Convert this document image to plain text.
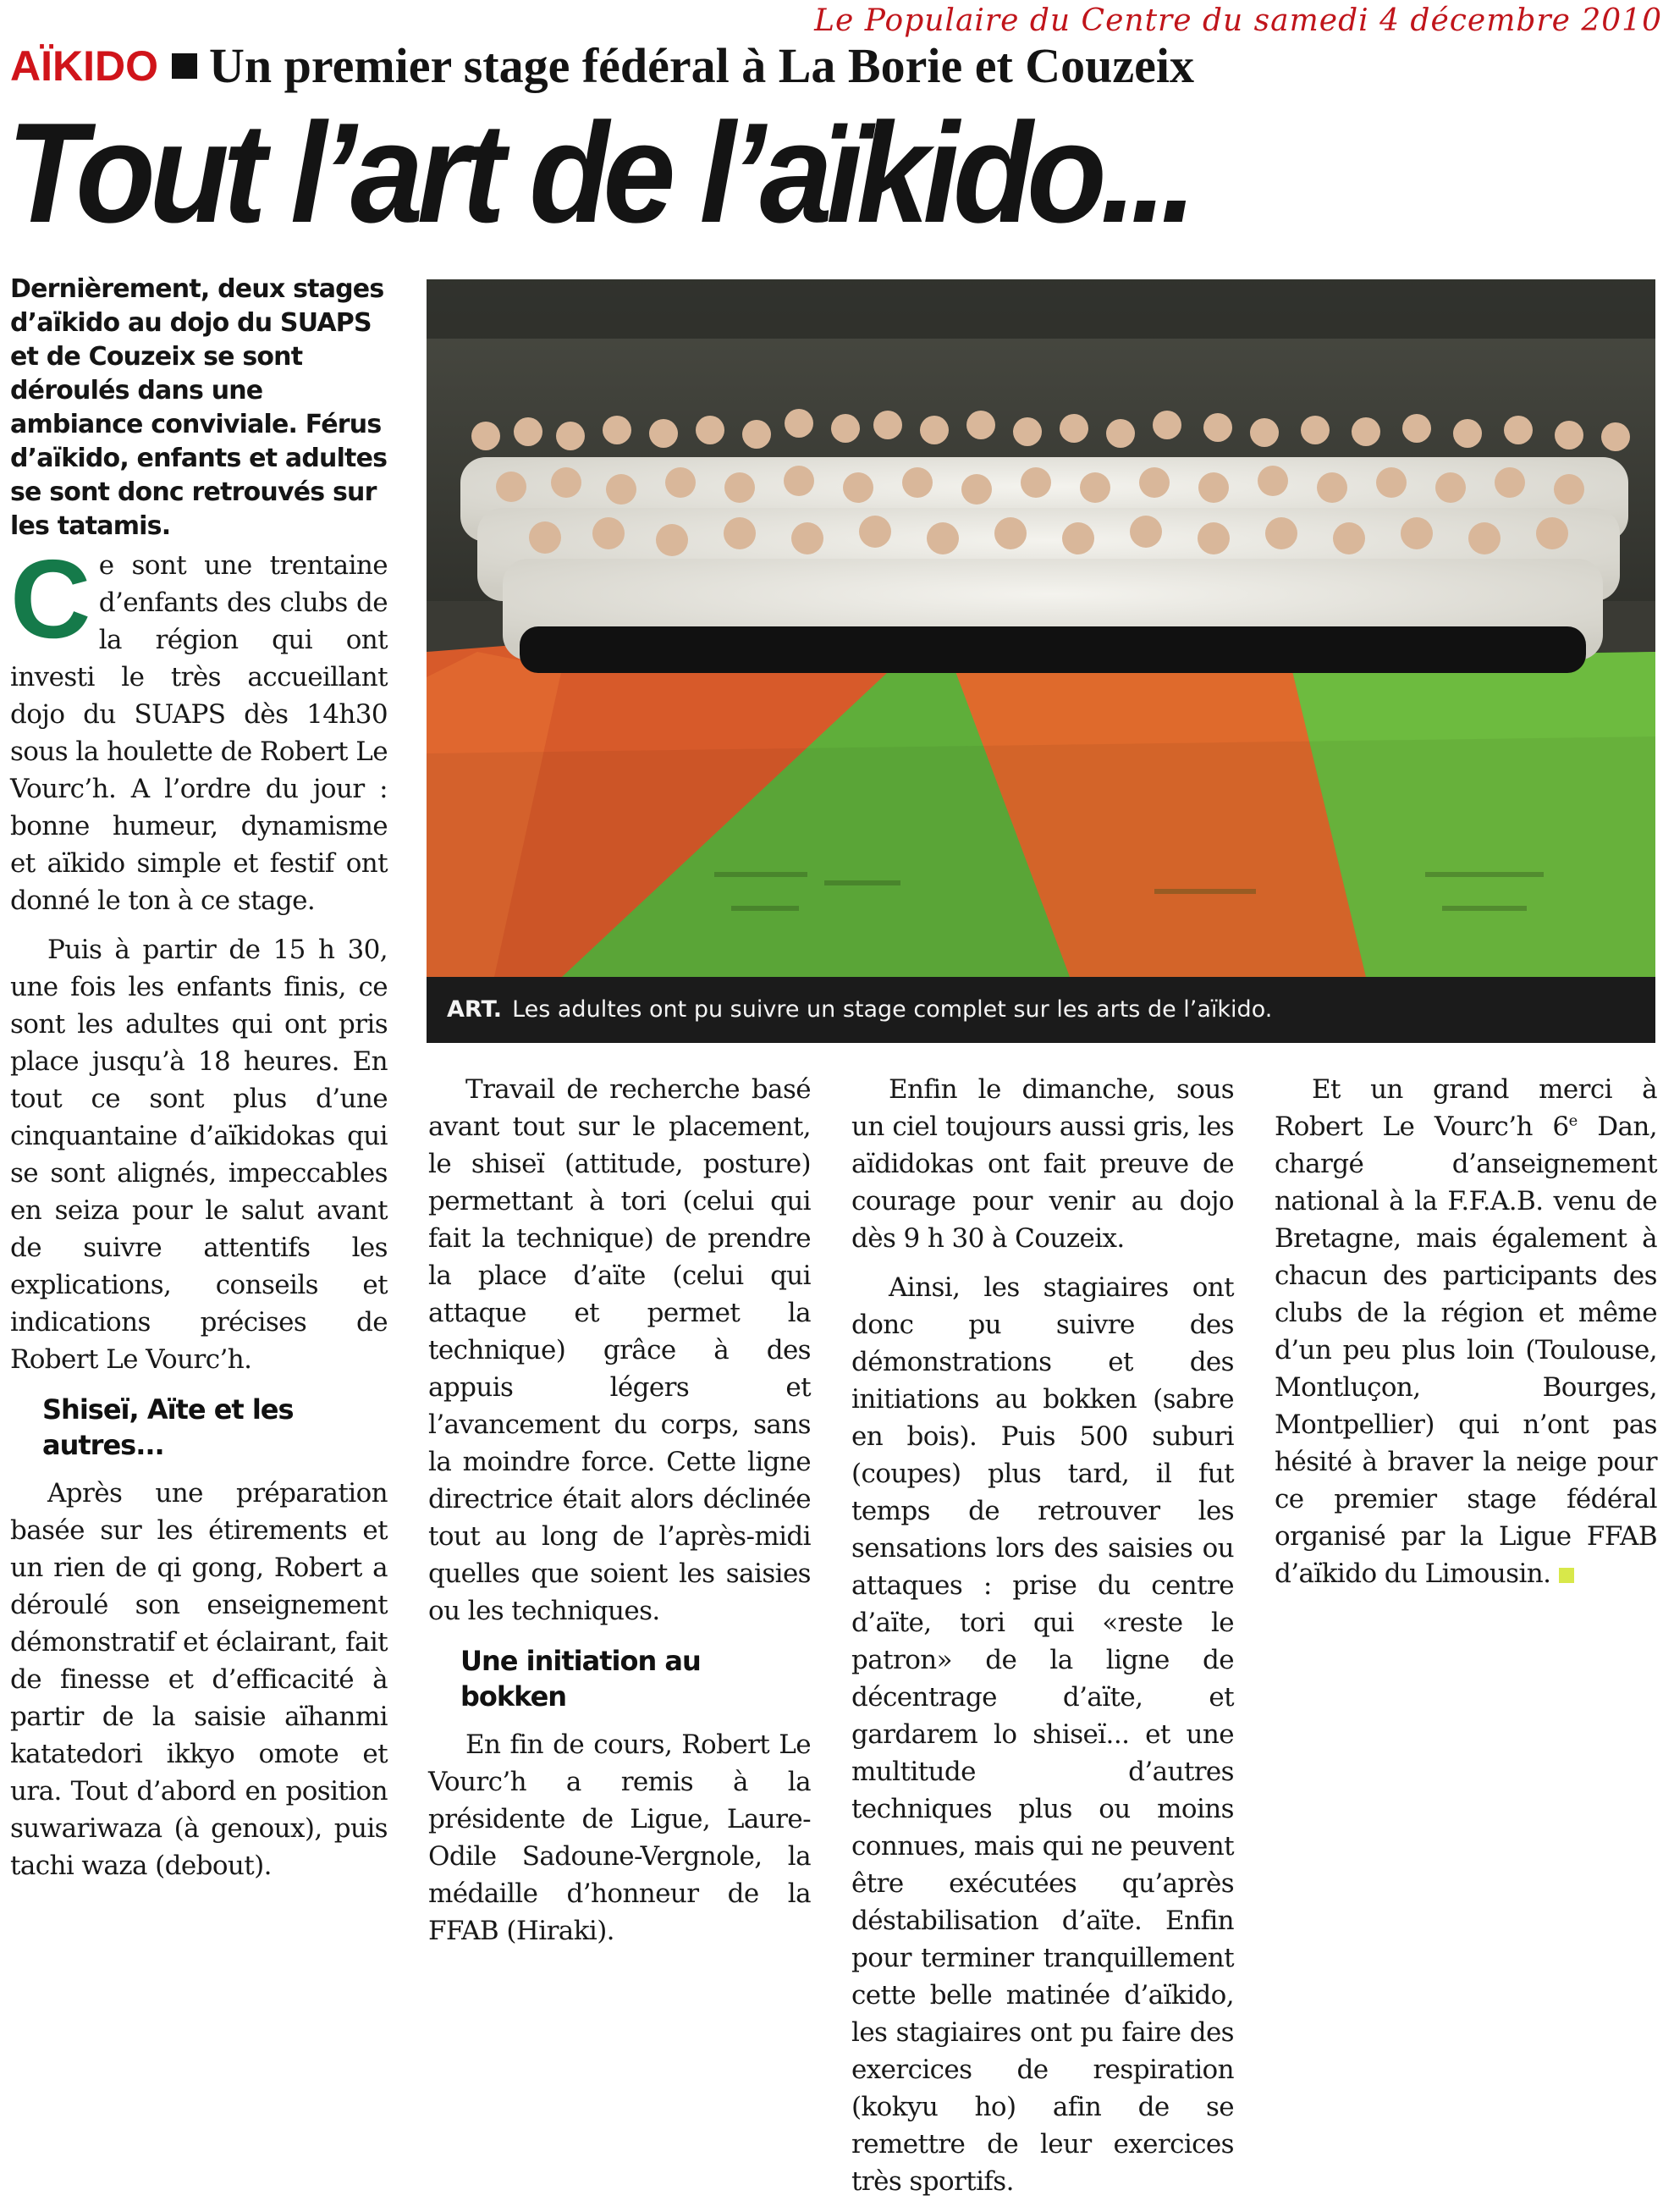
Le Populaire du Centre du samedi 4 décembre 2010
AÏKIDO Un premier stage fédéral à La Borie et Couzeix
Tout l’art de l’aïkido...

Dernièrement, deux stages d’aïkido au dojo du SUAPS et de Couzeix se sont déroulés dans une ambiance conviviale. Férus d’aïkido, enfants et adultes se sont donc retrouvés sur les tatamis.

ART. Les adultes ont pu suivre un stage complet sur les arts de l’aïkido.

Ce sont une trentaine d’enfants des clubs de la région qui ont investi le très accueillant dojo du SUAPS dès 14h30 sous la houlette de Robert Le Vourc’h. A l’ordre du jour : bonne humeur, dynamisme et aïkido simple et festif ont donné le ton à ce stage.

Puis à partir de 15 h 30, une fois les enfants finis, ce sont les adultes qui ont pris place jusqu’à 18 heures. En tout ce sont plus d’une cinquantaine d’aïkidokas qui se sont alignés, impeccables en seiza pour le salut avant de suivre attentifs les explications, conseils et indications précises de Robert Le Vourc’h.

Shiseï, Aïte et les autres...

Après une préparation basée sur les étirements et un rien de qi gong, Robert a déroulé son enseignement démonstratif et éclairant, fait de finesse et d’efficacité à partir de la saisie aïhanmi katatedori ikkyo omote et ura. Tout d’abord en position suwariwaza (à genoux), puis tachi waza (debout).

Travail de recherche basé avant tout sur le placement, le shiseï (attitude, posture) permettant à tori (celui qui fait la technique) de prendre la place d’aïte (celui qui attaque et permet la technique) grâce à des appuis légers et l’avancement du corps, sans la moindre force. Cette ligne directrice était alors déclinée tout au long de l’après-midi quelles que soient les saisies ou les techniques.

Une initiation au bokken

En fin de cours, Robert Le Vourc’h a remis à la présidente de Ligue, Laure-Odile Sadoune-Vergnole, la médaille d’honneur de la FFAB (Hiraki).

Enfin le dimanche, sous un ciel toujours aussi gris, les aïdidokas ont fait preuve de courage pour venir au dojo dès 9 h 30 à Couzeix.

Ainsi, les stagiaires ont donc pu suivre des démonstrations et des initiations au bokken (sabre en bois). Puis 500 suburi (coupes) plus tard, il fut temps de retrouver les sensations lors des saisies ou attaques : prise du centre d’aïte, tori qui «reste le patron» de la ligne de décentrage d’aïte, et gardarem lo shiseï... et une multitude d’autres techniques plus ou moins connues, mais qui ne peuvent être exécutées qu’après déstabilisation d’aïte. Enfin pour terminer tranquillement cette belle matinée d’aïkido, les stagiaires ont pu faire des exercices de respiration (kokyu ho) afin de se remettre de leur exercices très sportifs.

Et un grand merci à Robert Le Vourc’h 6e Dan, chargé d’anseignement national à la F.F.A.B. venu de Bretagne, mais également à chacun des participants des clubs de la région et même d’un peu plus loin (Toulouse, Montluçon, Bourges, Montpellier) qui n’ont pas hésité à braver la neige pour ce premier stage fédéral organisé par la Ligue FFAB d’aïkido du Limousin.
